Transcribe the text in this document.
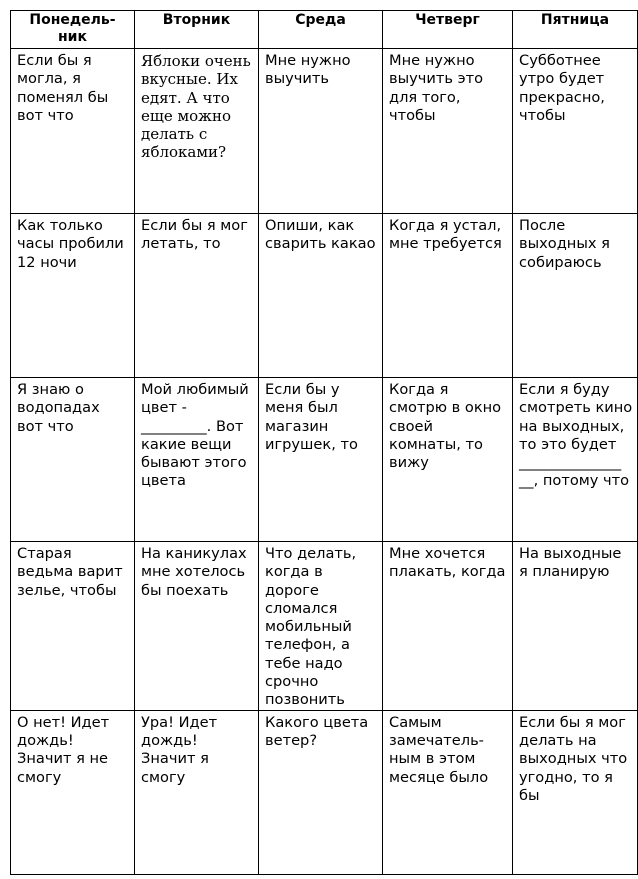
Понедель-ник	Вторник	Среда	Четверг	Пятница
Если бы я могла, я поменял бы вот что	Яблоки очень вкусные. Их едят. А что еще можно делать с яблоками?	Мне нужно выучить	Мне нужно выучить это для того, чтобы	Субботнее утро будет прекрасно, чтобы
Как только часы пробили 12 ночи	Если бы я мог летать, то	Опиши, как сварить какао	Когда я устал, мне требуется	После выходных я собираюсь
Я знаю о водопадах вот что	Мой любимый цвет - _________. Вот какие вещи бывают этого цвета	Если бы у меня был магазин игрушек, то	Когда я смотрю в окно своей комнаты, то вижу	Если я буду смотреть кино на выходных, то это будет ______________ __, потому что
Старая ведьма варит зелье, чтобы	На каникулах мне хотелось бы поехать	Что делать, когда в дороге сломался мобильный телефон, а тебе надо срочно позвонить	Мне хочется плакать, когда	На выходные я планирую
О нет! Идет дождь! Значит я не смогу	Ура! Идет дождь! Значит я смогу	Какого цвета ветер?	Самым замечатель-ным в этом месяце было	Если бы я мог делать на выходных что угодно, то я бы
